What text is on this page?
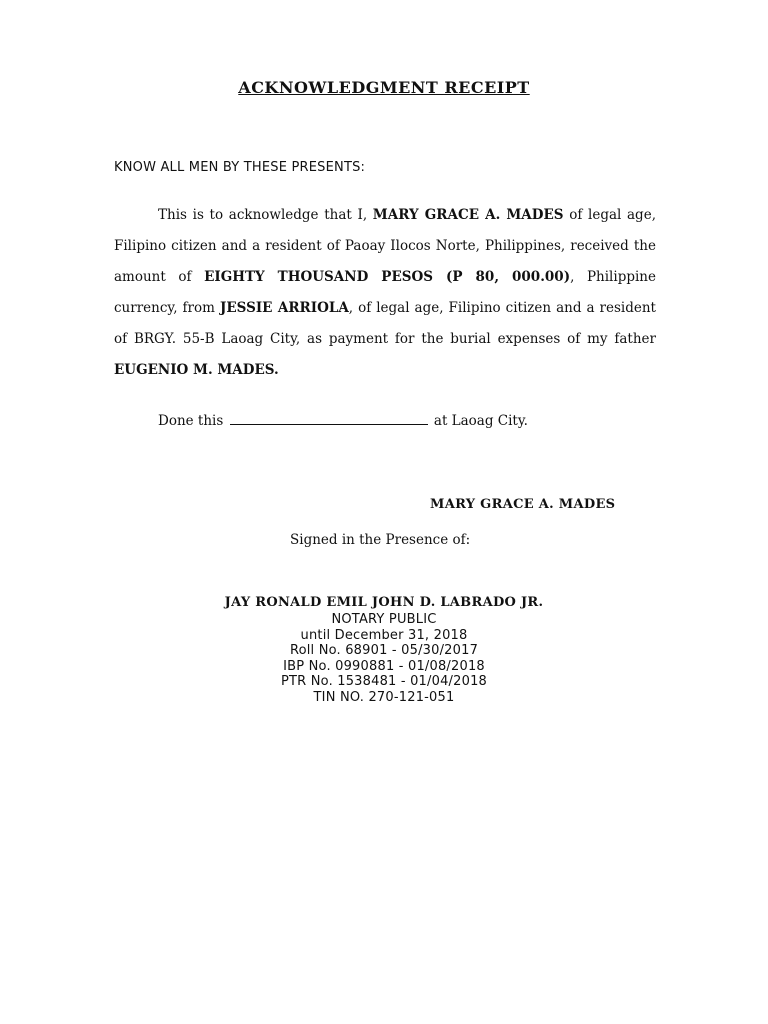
ACKNOWLEDGMENT RECEIPT
KNOW ALL MEN BY THESE PRESENTS:

This is to acknowledge that I, MARY GRACE A. MADES of legal age, Filipino citizen and a resident of Paoay Ilocos Norte, Philippines, received the amount of EIGHTY THOUSAND PESOS (P 80, 000.00), Philippine currency, from JESSIE ARRIOLA, of legal age, Filipino citizen and a resident of BRGY. 55-B Laoag City, as payment for the burial expenses of my father EUGENIO M. MADES.

Done this	at Laoag City.
MARY GRACE A. MADES
Signed in the Presence of:
JAY RONALD EMIL JOHN D. LABRADO JR.
NOTARY PUBLIC
until December 31, 2018
Roll No. 68901 - 05/30/2017
IBP No. 0990881 - 01/08/2018
PTR No. 1538481 - 01/04/2018
TIN NO. 270-121-051
